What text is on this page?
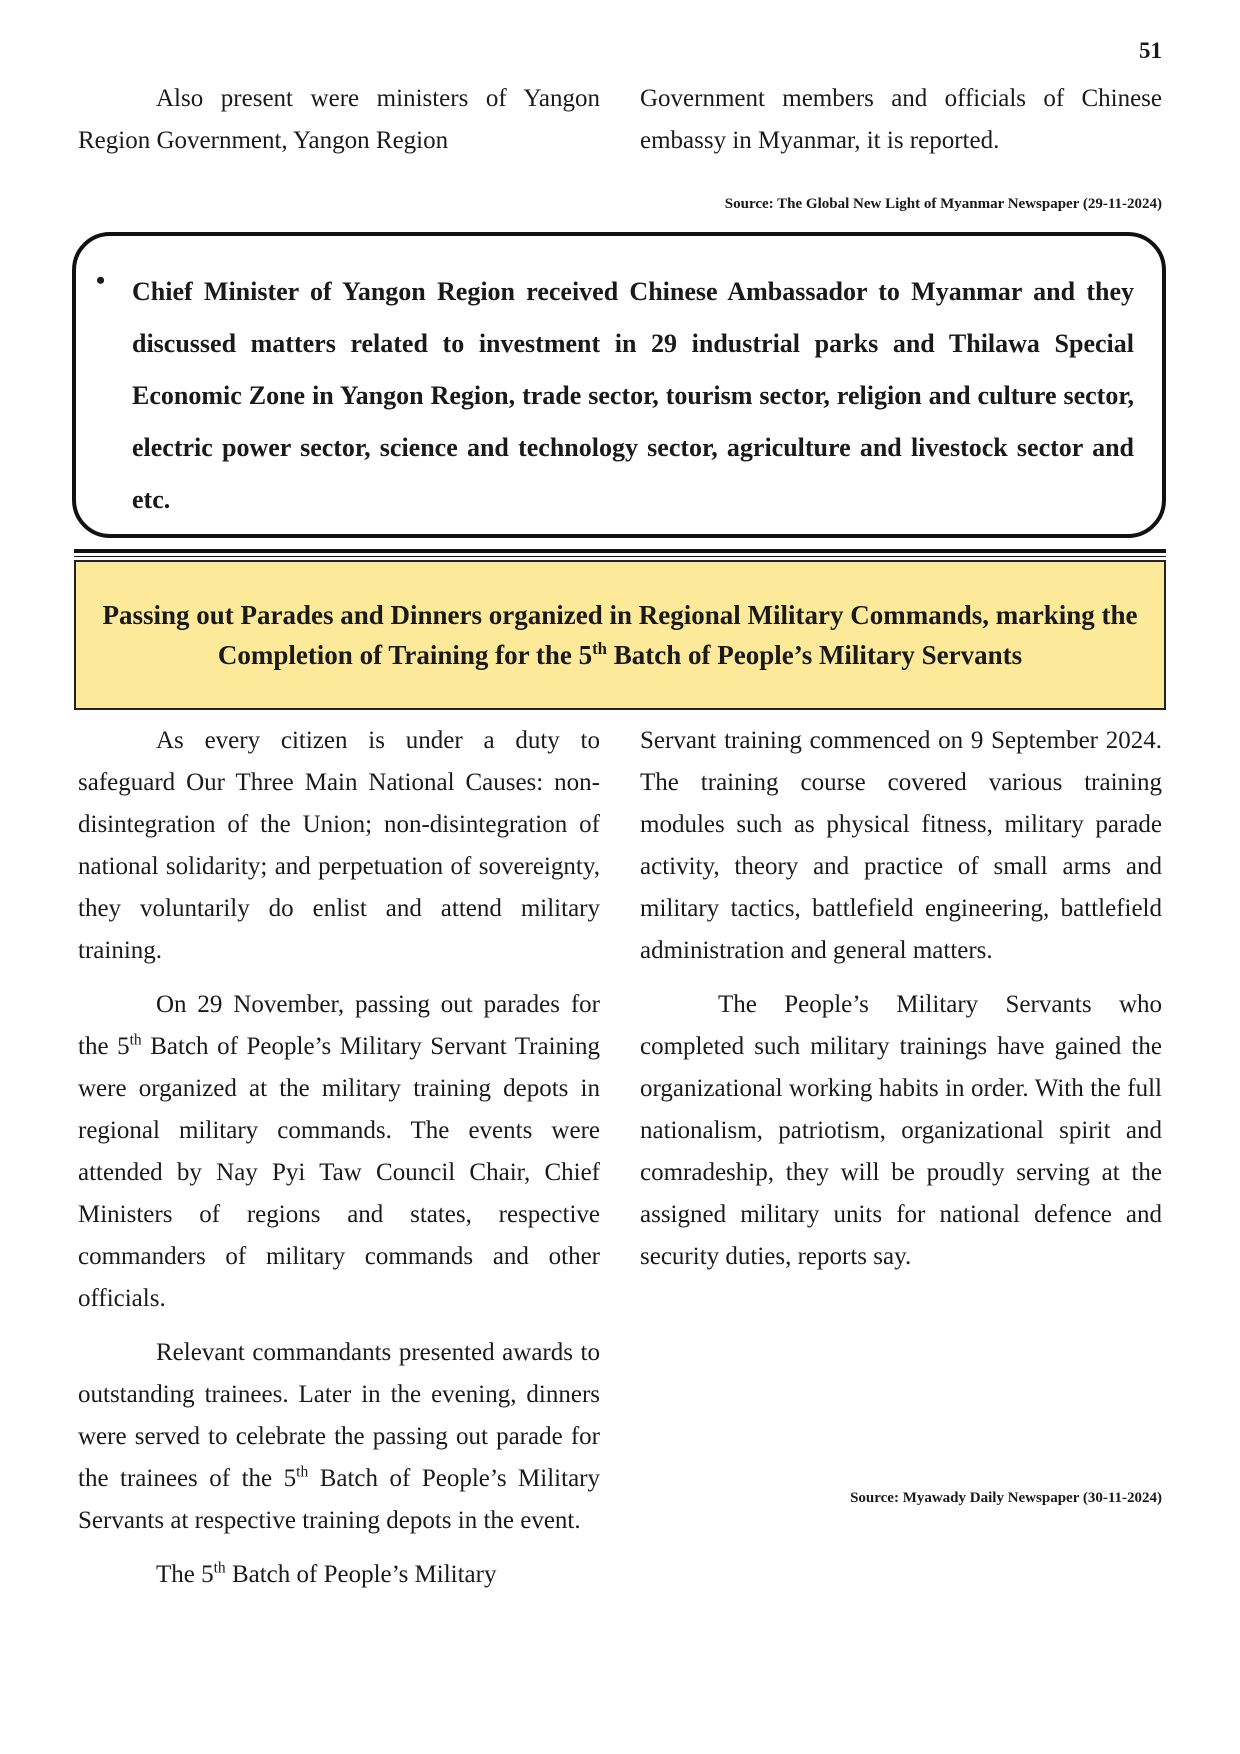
51

Also present were ministers of Yangon Region Government, Yangon Region

Government members and officials of Chinese embassy in Myanmar, it is reported.

Source: The Global New Light of Myanmar Newspaper (29-11-2024)
• Chief Minister of Yangon Region received Chinese Ambassador to Myanmar and they discussed matters related to investment in 29 industrial parks and Thilawa Special Economic Zone in Yangon Region, trade sector, tourism sector, religion and culture sector, electric power sector, science and technology sector, agriculture and livestock sector and etc.
Passing out Parades and Dinners organized in Regional Military Commands, marking the Completion of Training for the 5th Batch of People’s Military Servants

As every citizen is under a duty to safeguard Our Three Main National Causes: non-disintegration of the Union; non-disintegration of national solidarity; and perpetuation of sovereignty, they voluntarily do enlist and attend military training.

On 29 November, passing out parades for the 5th Batch of People’s Military Servant Training were organized at the military training depots in regional military commands. The events were attended by Nay Pyi Taw Council Chair, Chief Ministers of regions and states, respective commanders of military commands and other officials.

Relevant commandants presented awards to outstanding trainees. Later in the evening, dinners were served to celebrate the passing out parade for the trainees of the 5th Batch of People’s Military Servants at respective training depots in the event.

The 5th Batch of People’s Military

Servant training commenced on 9 September 2024. The training course covered various training modules such as physical fitness, military parade activity, theory and practice of small arms and military tactics, battlefield engineering, battlefield administration and general matters.

The People’s Military Servants who completed such military trainings have gained the organizational working habits in order. With the full nationalism, patriotism, organizational spirit and comradeship, they will be proudly serving at the assigned military units for national defence and security duties, reports say.

Source: Myawady Daily Newspaper (30-11-2024)
